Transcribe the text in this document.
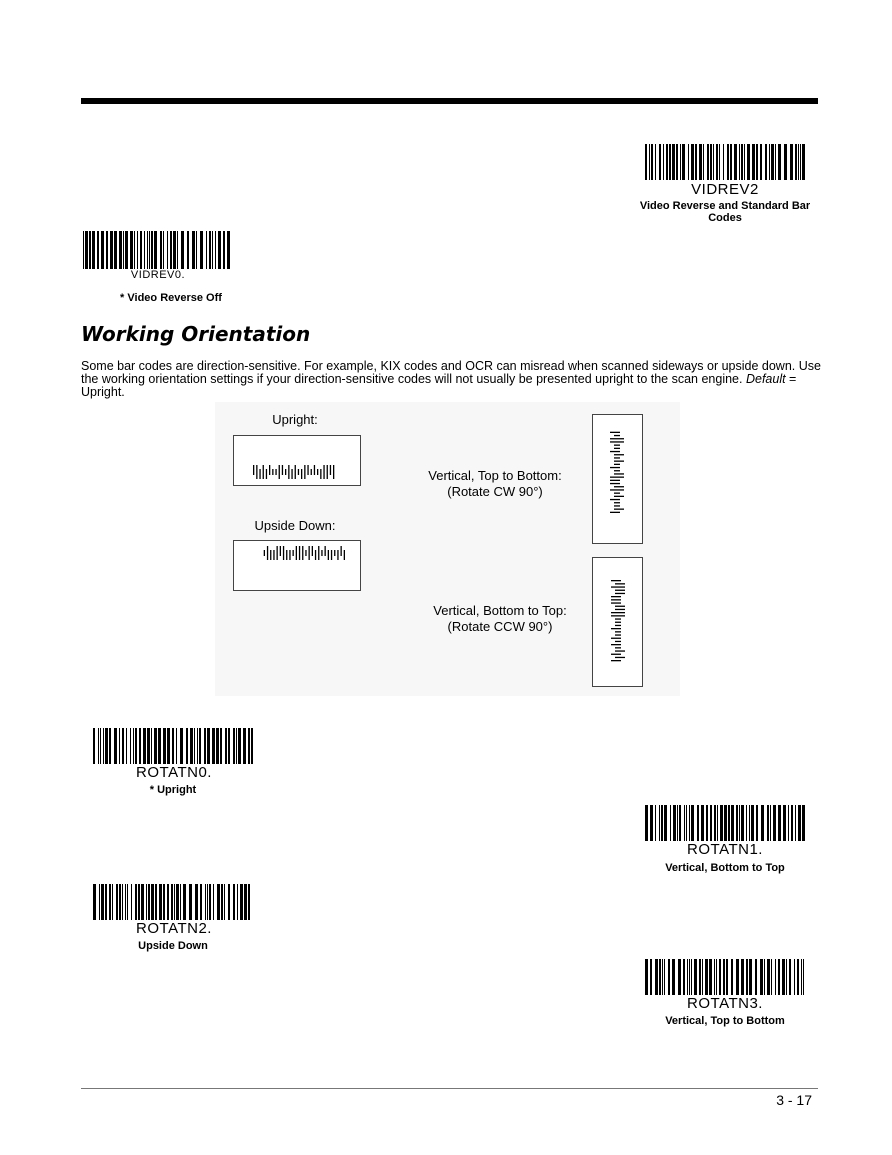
VIDREV2
Video Reverse and Standard Bar Codes
VIDREV0.
* Video Reverse Off
Working Orientation
Some bar codes are direction-sensitive. For example, KIX codes and OCR can misread when scanned sideways or upside down. Use the working orientation settings if your direction-sensitive codes will not usually be presented upright to the scan engine. Default = Upright.
Upright:
Upside Down:
Vertical, Top to Bottom:
(Rotate CW 90°)
Vertical, Bottom to Top:
(Rotate CCW 90°)
ROTATN0.
* Upright
ROTATN1.
Vertical, Bottom to Top
ROTATN2.
Upside Down
ROTATN3.
Vertical, Top to Bottom
3 - 17
